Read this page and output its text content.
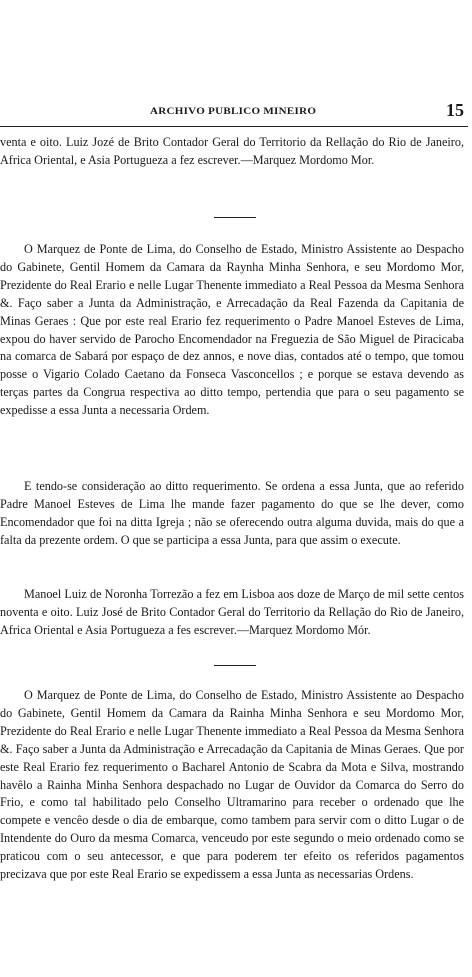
ARCHIVO PUBLICO MINEIRO	15

venta e oito. Luiz Jozé de Brito Contador Geral do Territorio da Rellação do Rio de Janeiro, Africa Oriental, e Asia Portugueza a fez escrever.—Marquez Mordomo Mor.

O Marquez de Ponte de Lima, do Conselho de Estado, Ministro Assistente ao Despacho do Gabinete, Gentil Homem da Camara da Raynha Minha Senhora, e seu Mordomo Mor, Prezidente do Real Erario e nelle Lugar Thenente immediato a Real Pessoa da Mesma Senhora &. Faço saber a Junta da Administração, e Arrecadação da Real Fazenda da Capitania de Minas Geraes : Que por este real Erario fez requerimento o Padre Manoel Esteves de Lima, expou do haver servido de Parocho Encomendador na Freguezia de São Miguel de Piracicaba na comarca de Sabará por espaço de dez annos, e nove dias, contados até o tempo, que tomou posse o Vigario Colado Caetano da Fonseca Vasconcellos ; e porque se estava devendo as terças partes da Congrua respectiva ao ditto tempo, pertendia que para o seu pagamento se expedisse a essa Junta a necessaria Ordem.

E tendo-se consideração ao ditto requerimento. Se ordena a essa Junta, que ao referido Padre Manoel Esteves de Lima lhe mande fazer pagamento do que se lhe dever, como Encomendador que foi na ditta Igreja ; não se oferecendo outra alguma duvida, mais do que a falta da prezente ordem. O que se participa a essa Junta, para que assim o execute.

Manoel Luiz de Noronha Torrezão a fez em Lisboa aos doze de Março de mil sette centos noventa e oito. Luiz José de Brito Contador Geral do Territorio da Rellação do Rio de Janeiro, Africa Oriental e Asia Portugueza a fes escrever.—Marquez Mordomo Mór.

O Marquez de Ponte de Lima, do Conselho de Estado, Ministro Assistente ao Despacho do Gabinete, Gentil Homem da Camara da Rainha Minha Senhora e seu Mordomo Mor, Prezidente do Real Erario e nelle Lugar Thenente immediato a Real Pessoa da Mesma Senhora &. Faço saber a Junta da Administração e Arrecadação da Capitania de Minas Geraes. Que por este Real Erario fez requerimento o Bacharel Antonio de Scabra da Mota e Silva, mostrando havêlo a Rainha Minha Senhora despachado no Lugar de Ouvidor da Comarca do Serro do Frio, e como tal habilitado pelo Conselho Ultramarino para receber o ordenado que lhe compete e vencêo desde o dia de embarque, como tambem para servir com o ditto Lugar o de Intendente do Ouro da mesma Comarca, venceudo por este segundo o meio ordenado como se praticou com o seu antecessor, e que para poderem ter efeito os referidos pagamentos precizava que por este Real Erario se expedissem a essa Junta as necessarias Ordens.
